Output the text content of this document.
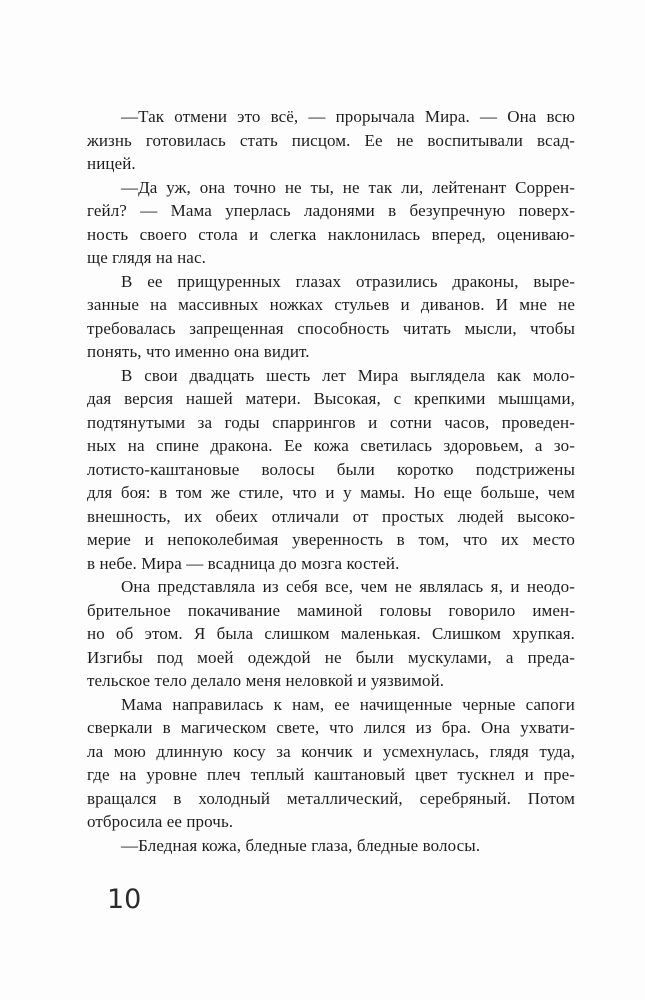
—Так отмени это всё, — прорычала Мира. — Она всю
жизнь готовилась стать писцом. Ее не воспитывали всад-
ницей.
—Да уж, она точно не ты, не так ли, лейтенант Соррен-
гейл? — Мама уперлась ладонями в безупречную поверх-
ность своего стола и слегка наклонилась вперед, оцениваю-
ще глядя на нас.
В ее прищуренных глазах отразились драконы, выре-
занные на массивных ножках стульев и диванов. И мне не
требовалась запрещенная способность читать мысли, чтобы
понять, что именно она видит.
В свои двадцать шесть лет Мира выглядела как моло-
дая версия нашей матери. Высокая, с крепкими мышцами,
подтянутыми за годы спаррингов и сотни часов, проведен-
ных на спине дракона. Ее кожа светилась здоровьем, а зо-
лотисто-каштановые волосы были коротко подстрижены
для боя: в том же стиле, что и у мамы. Но еще больше, чем
внешность, их обеих отличали от простых людей высоко-
мерие и непоколебимая уверенность в том, что их место
в небе. Мира — всадница до мозга костей.
Она представляла из себя все, чем не являлась я, и неодо-
брительное покачивание маминой головы говорило имен-
но об этом. Я была слишком маленькая. Слишком хрупкая.
Изгибы под моей одеждой не были мускулами, а преда-
тельское тело делало меня неловкой и уязвимой.
Мама направилась к нам, ее начищенные черные сапоги
сверкали в магическом свете, что лился из бра. Она ухвати-
ла мою длинную косу за кончик и усмехнулась, глядя туда,
где на уровне плеч теплый каштановый цвет тускнел и пре-
вращался в холодный металлический, серебряный. Потом
отбросила ее прочь.
—Бледная кожа, бледные глаза, бледные волосы.
10
